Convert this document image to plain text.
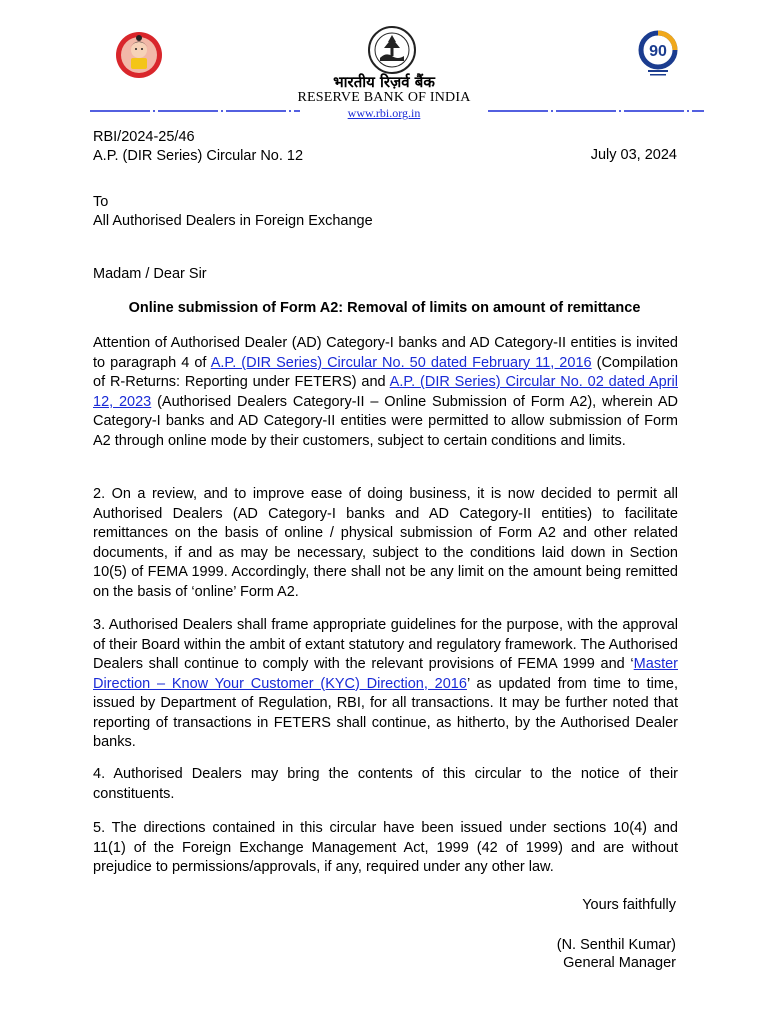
90
भारतीय रिज़र्व बैंक
RESERVE BANK OF INDIA
www.rbi.org.in
RBI/2024-25/46
A.P. (DIR Series) Circular No. 12	July 03, 2024
To
All Authorised Dealers in Foreign Exchange
Madam / Dear Sir
Online submission of Form A2: Removal of limits on amount of remittance

Attention of Authorised Dealer (AD) Category-I banks and AD Category-II entities is invited to paragraph 4 of A.P. (DIR Series) Circular No. 50 dated February 11, 2016 (Compilation of R-Returns: Reporting under FETERS) and A.P. (DIR Series) Circular No. 02 dated April 12, 2023 (Authorised Dealers Category-II – Online Submission of Form A2), wherein AD Category-I banks and AD Category-II entities were permitted to allow submission of Form A2 through online mode by their customers, subject to certain conditions and limits.

2. On a review, and to improve ease of doing business, it is now decided to permit all Authorised Dealers (AD Category-I banks and AD Category-II entities) to facilitate remittances on the basis of online / physical submission of Form A2 and other related documents, if and as may be necessary, subject to the conditions laid down in Section 10(5) of FEMA 1999. Accordingly, there shall not be any limit on the amount being remitted on the basis of ‘online’ Form A2.

3. Authorised Dealers shall frame appropriate guidelines for the purpose, with the approval of their Board within the ambit of extant statutory and regulatory framework. The Authorised Dealers shall continue to comply with the relevant provisions of FEMA 1999 and ‘Master Direction – Know Your Customer (KYC) Direction, 2016’ as updated from time to time, issued by Department of Regulation, RBI, for all transactions. It may be further noted that reporting of transactions in FETERS shall continue, as hitherto, by the Authorised Dealer banks.

4. Authorised Dealers may bring the contents of this circular to the notice of their constituents.

5. The directions contained in this circular have been issued under sections 10(4) and 11(1) of the Foreign Exchange Management Act, 1999 (42 of 1999) and are without prejudice to permissions/approvals, if any, required under any other law.

Yours faithfully
(N. Senthil Kumar)
General Manager
